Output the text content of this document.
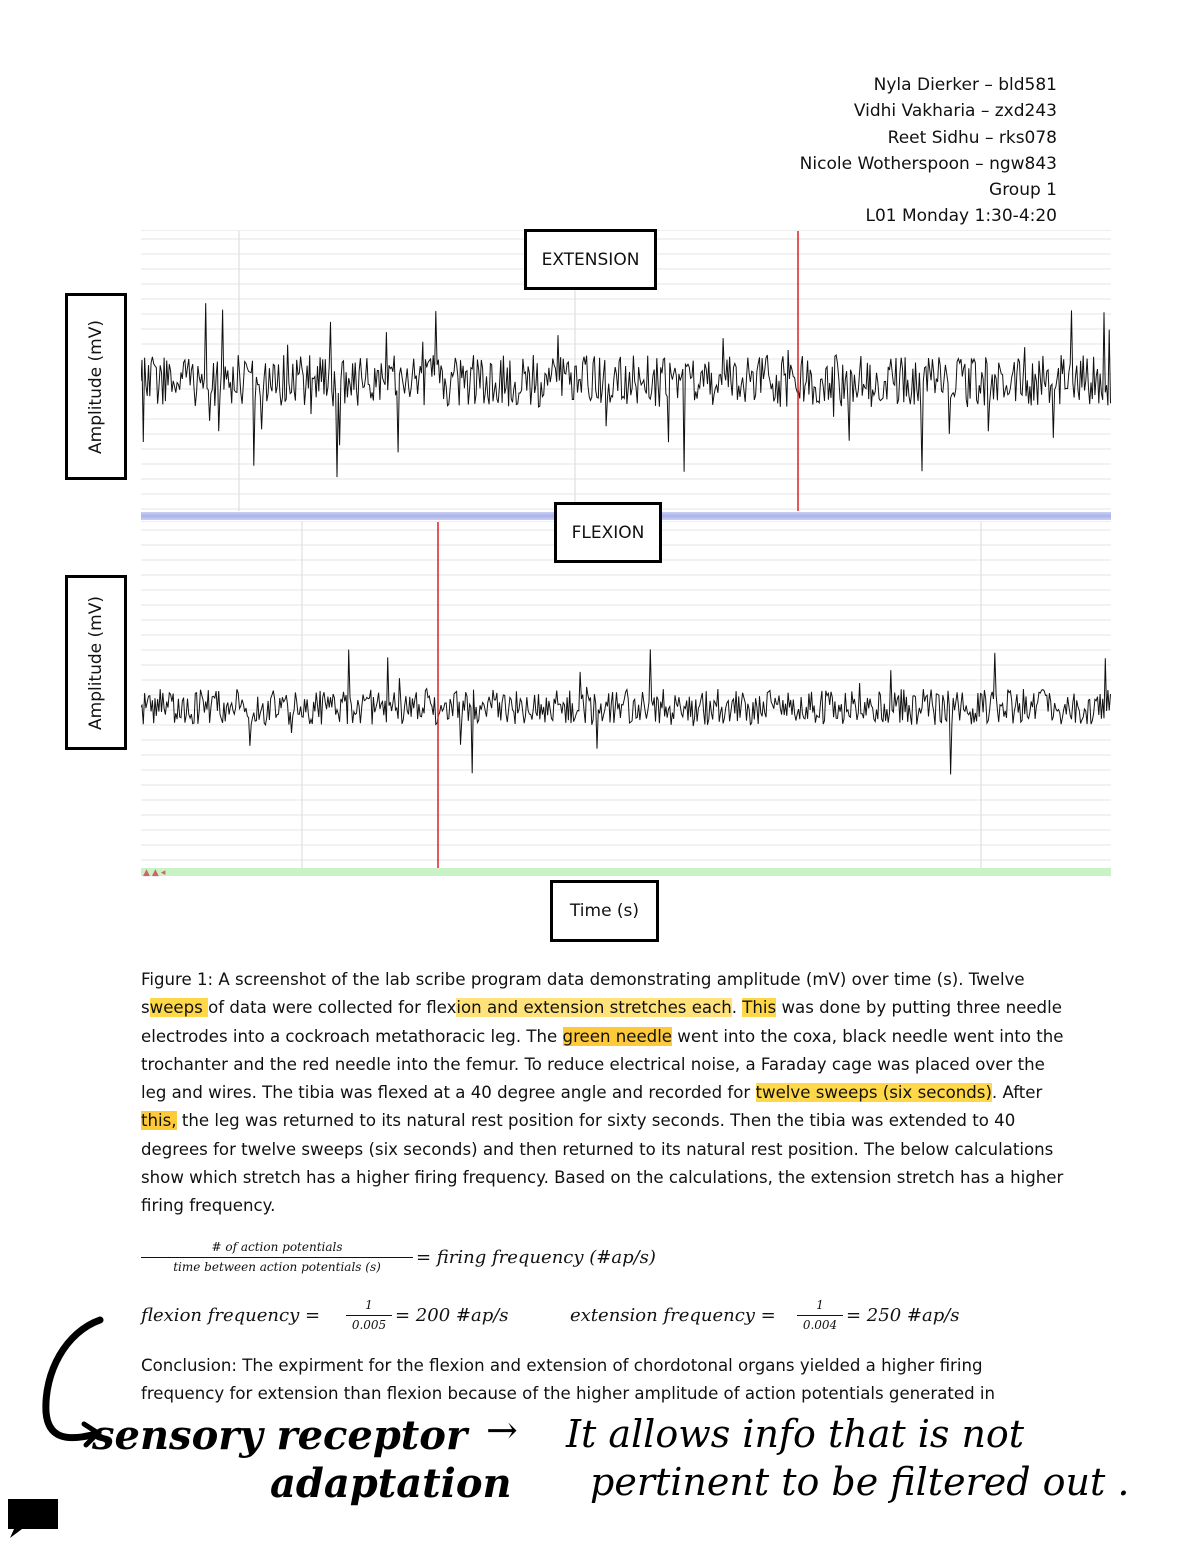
Nyla Dierker – bld581
Vidhi Vakharia – zxd243
Reet Sidhu – rks078
Nicole Wotherspoon – ngw843
Group 1
L01 Monday 1:30-4:20
▲▲◂
EXTENSION
FLEXION
Time (s)
Amplitude (mV)
Amplitude (mV)
Figure 1: A screenshot of the lab scribe program data demonstrating amplitude (mV) over time (s). Twelve sweeps of data were collected for flexion and extension stretches each. This was done by putting three needle electrodes into a cockroach metathoracic leg. The green needle went into the coxa, black needle went into the trochanter and the red needle into the femur. To reduce electrical noise, a Faraday cage was placed over the leg and wires. The tibia was flexed at a 40 degree angle and recorded for twelve sweeps (six seconds). After this, the leg was returned to its natural rest position for sixty seconds. Then the tibia was extended to 40 degrees for twelve sweeps (six seconds) and then returned to its natural rest position. The below calculations show which stretch has a higher firing frequency. Based on the calculations, the extension stretch has a higher firing frequency.
# of action potentials
time between action potentials (s)	= firing frequency (#ap/s)
flexion frequency = $\frac{1}{0.005} = 200$ #ap/s	extension frequency = $\frac{1}{0.004} = 250$ #ap/s
Conclusion: The expirment for the flexion and extension of chordotonal organs yielded a higher firing frequency for extension than flexion because of the higher amplitude of action potentials generated in
sensory receptor
adaptation
→ It allows info that is not
pertinent to be filtered out .
